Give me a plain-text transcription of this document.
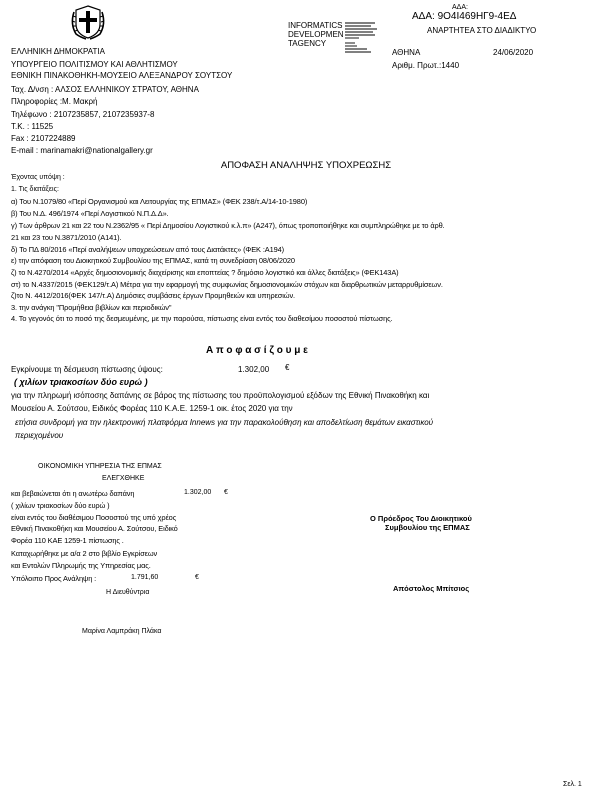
ΑΔΑ:
ΑΔΑ: 9Ο4Ι469ΗΓ9-4ΕΔ
ΑΝΑΡΤΗΤΕΑ ΣΤΟ ΔΙΑΔΙΚΤΥΟ
INFORMATICS
DEVELOPMEN
TAGENCY
ΑΘΗΝΑ	24/06/2020
Αριθμ. Πρωτ.:1440
ΕΛΛΗΝΙΚΗ ΔΗΜΟΚΡΑΤΙΑ
ΥΠΟΥΡΓΕΙΟ ΠΟΛΙΤΙΣΜΟΥ ΚΑΙ ΑΘΛΗΤΙΣΜΟΥ
ΕΘΝΙΚΗ ΠΙΝΑΚΟΘΗΚΗ-ΜΟΥΣΕΙΟ ΑΛΕΞΑΝΔΡΟΥ ΣΟΥΤΣΟΥ
Ταχ. Δ/νση : ΑΛΣΟΣ ΕΛΛΗΝΙΚΟΥ ΣΤΡΑΤΟΥ, ΑΘΗΝΑ
Πληροφορίες :Μ. Μακρή
Τηλέφωνο : 2107235857, 2107235937-8
Τ.Κ. : 11525
Fax : 2107224889
E-mail : marinamakri@nationalgallery.gr
ΑΠΟΦΑΣΗ ΑΝΑΛΗΨΗΣ ΥΠΟΧΡΕΩΣΗΣ
Έχοντας υπόψη :
1. Τις διατάξεις:
α) Του Ν.1079/80 «Περί Οργανισμού και Λειτουργίας της ΕΠΜΑΣ» (ΦΕΚ 238/τ.Α/14-10-1980)
β) Του Ν.Δ. 496/1974 «Περί Λογιστικού Ν.Π.Δ.Δ».
γ) Των άρθρων 21 και 22 του Ν.2362/95 « Περί Δημοσίου Λογιστικού κ.λ.π» (Α247), όπως τροποποιήθηκε και συμπληρώθηκε με το άρθ.
21 και 23 του Ν.3871/2010 (Α141).
δ) Το ΠΔ 80/2016 «Περί αναλήψεων υποχρεώσεων από τους Διατάκτες» (ΦΕΚ :Α194)
ε) την απόφαση του Διοικητικού Συμβουλίου της ΕΠΜΑΣ, κατά τη συνεδρίαση 08/06/2020
ζ) το Ν.4270/2014 «Αρχές δημοσιονομικής διαχείρισης και εποπτείας ? δημόσιο λογιστικό και άλλες διατάξεις» (ΦΕΚ143Α)
στ) το Ν.4337/2015 (ΦΕΚ129/τ.Α) Μέτρα για την εφαρμογή της συμφωνίας δημοσιονομικών στόχων και διαρθρωτικών μεταρρυθμίσεων.
ζ)το Ν. 4412/2016(ΦΕΚ 147/τ.Α) Δημόσιες συμβάσεις έργων Προμηθειών και υπηρεσιών.
3. την ανάγκη "Προμήθεια βιβλίων και περιοδικών"
4. Το γεγονός ότι το ποσό της δεσμευμένης, με την παρούσα, πίστωσης είναι εντός του διαθεσίμου ποσοστού πίστωσης.
Α π ο φ α σ ί ζ ο υ μ ε
Εγκρίνουμε τη δέσμευση πίστωσης ύψους:	1.302,00 €
( χιλίων τριακοσίων δύο ευρώ )
για την πληρωμή ισόποσης δαπάνης σε βάρος της πίστωσης του προϋπολογισμού εξόδων της Εθνική Πινακοθήκη και
Μουσείου Α. Σούτσου, Ειδικός Φορέας 110 Κ.Α.Ε. 1259-1 οικ. έτος 2020 για την
ετήσια συνδρομή για την ηλεκτρονική πλατφόρμα Innews για την παρακολούθηση και αποδελτίωση θεμάτων εικαστικού
περιεχομένου
ΟΙΚΟΝΟΜΙΚΗ ΥΠΗΡΕΣΙΑ ΤΗΣ ΕΠΜΑΣ
ΕΛΕΓΧΘΗΚΕ
και βεβαιώνεται ότι η ανωτέρω δαπάνη	1.302,00 €
( χιλίων τριακοσίων δύο ευρώ )
είναι εντός του διαθέσιμου Ποσοστού της υπό χρέος
Εθνική Πινακοθήκη και Μουσείου Α. Σούτσου, Ειδικό
Φορέα 110 ΚΑΕ 1259-1 πίστωσης .
Καταχωρήθηκε με α/α 2 στο βιβλίο Εγκρίσεων
και Εντολών Πληρωμής της Υπηρεσίας μας.
Υπόλοιπο Προς Ανάληψη :	1.791,60	€
Η Διευθύντρια
Μαρίνα Λαμπράκη Πλάκα
Ο Πρόεδρος Του Διοικητικού
Συμβουλίου της ΕΠΜΑΣ
Απόστολος Μπίτσιος
Σελ. 1
